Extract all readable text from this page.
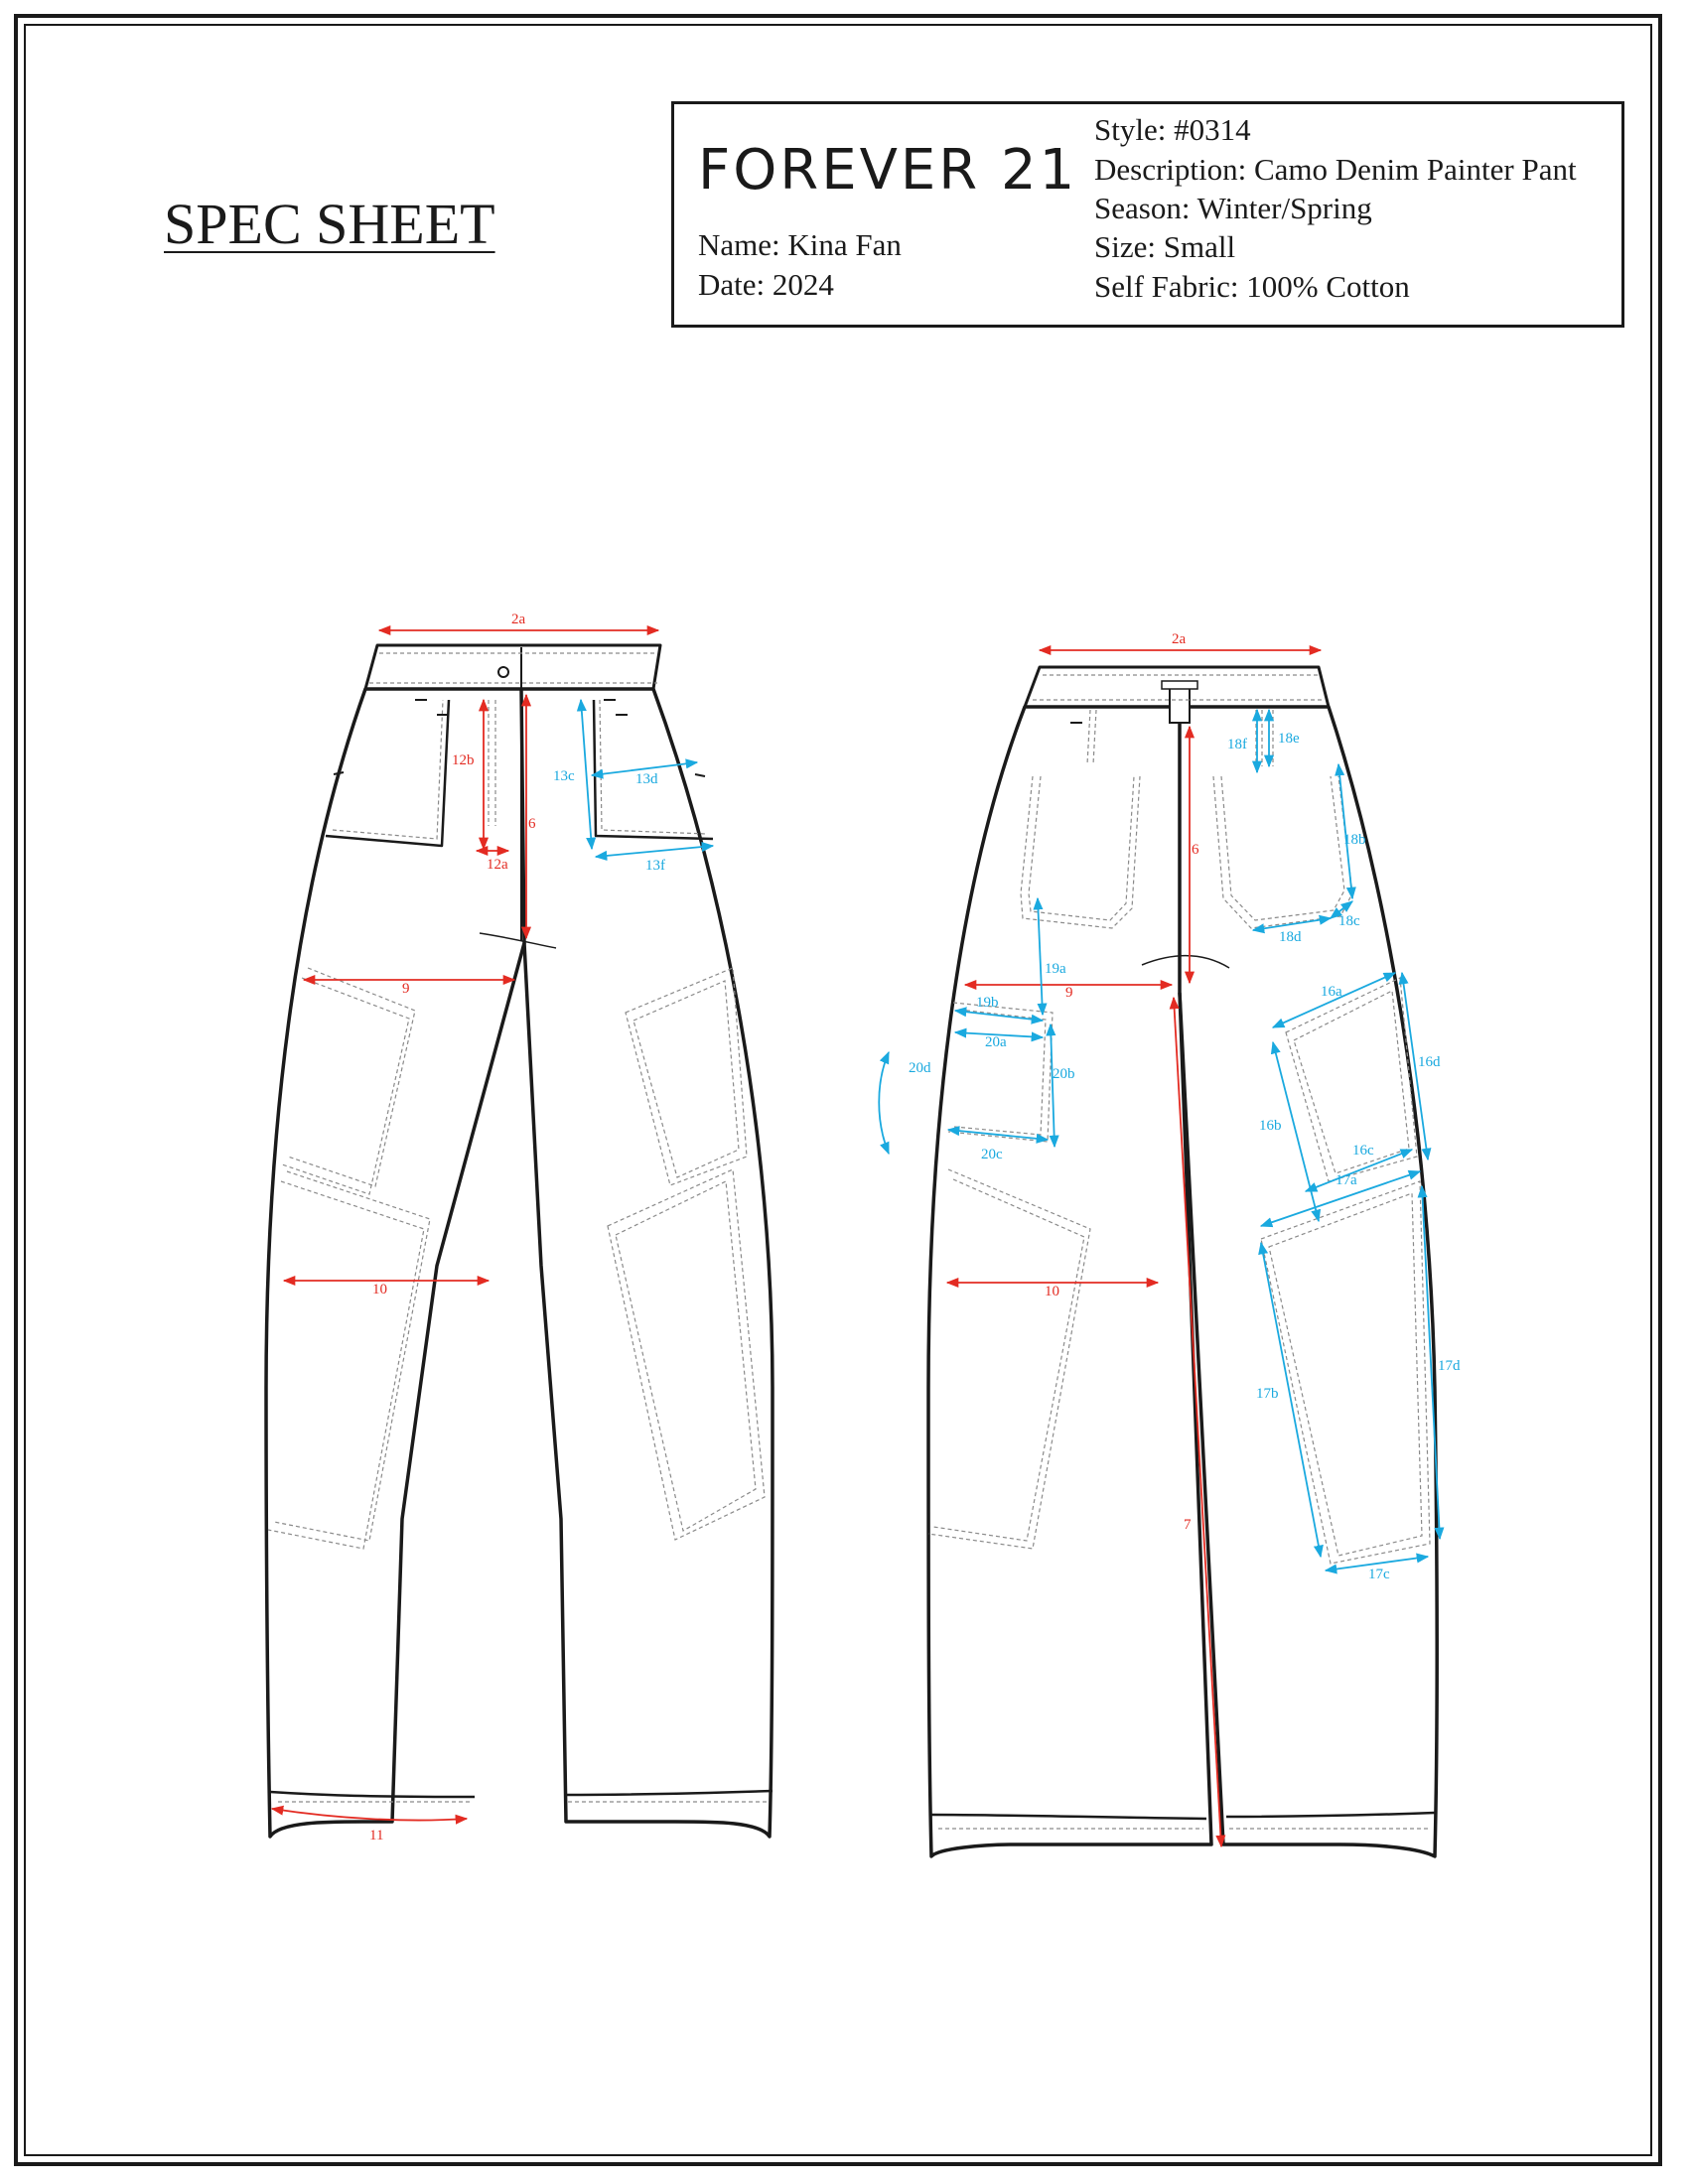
SPEC SHEET
FOREVER 21
Name: Kina Fan
Date: 2024
Style: #0314
Description: Camo Denim Painter Pant
Season: Winter/Spring
Size: Small
Self Fabric: 100% Cotton
2a
12b
12a
6
9
10
11
13c	13d
13f
2a
6
9
10
7
18f 18e
18b
18d
18c
19a
19b
20a
20b
20d
20c
16a
16d
16b
16c
17a
17d
17b
17c
